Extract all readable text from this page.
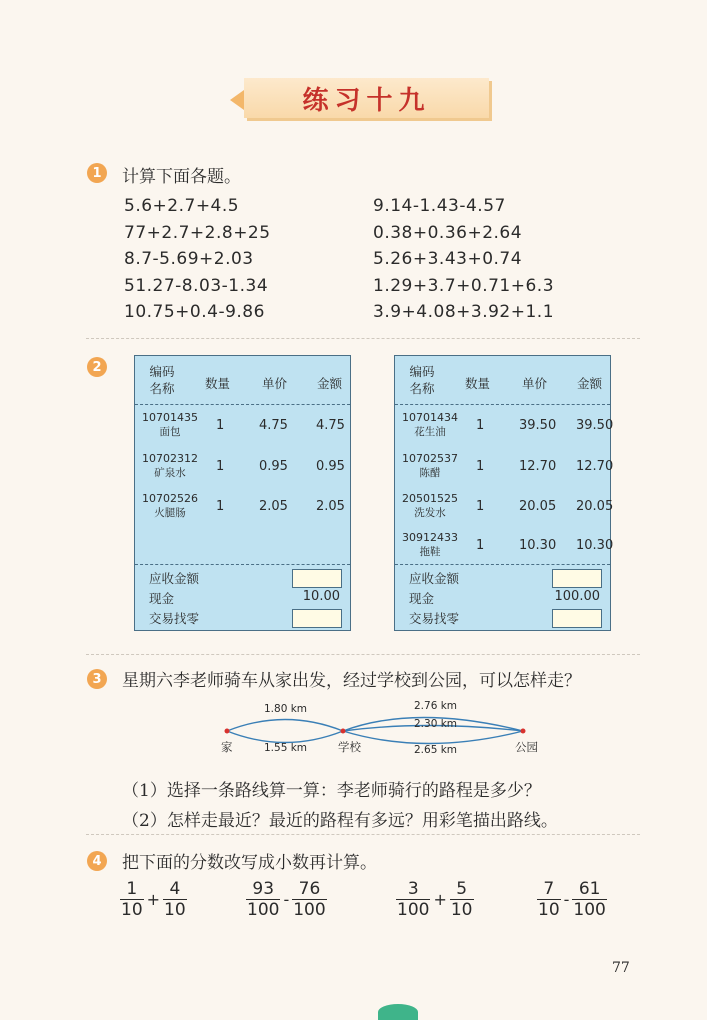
练习十九
1	计算下面各题。
5.6+2.7+4.5
77+2.7+2.8+25
8.7-5.69+2.03
51.27-8.03-1.34
10.75+0.4-9.86
9.14-1.43-4.57
0.38+0.36+2.64
5.26+3.43+0.74
1.29+3.7+0.71+6.3
3.9+4.08+3.92+1.1
2	编码
名称 数量	单价 金额
10701435
面包	1	4.75 4.75
10702312
矿泉水	1	0.95 0.95
10702526
火腿肠	1	2.05 2.05
应收金额
现金	10.00
交易找零
编码
名称 数量	单价 金额
10701434
花生油	1	39.50 39.50
10702537
陈醋	1	12.70 12.70
20501525
洗发水	1	20.05 20.05
30912433
拖鞋	1	10.30 10.30
应收金额
现金	100.00
交易找零
3	星期六李老师骑车从家出发，经过学校到公园，可以怎样走？
1.80 km
1.55 km
2.76 km
2.30 km
2.65 km
家	学校	公园
（1）选择一条路线算一算：李老师骑行的路程是多少？
（2）怎样走最近？最近的路程有多远？用彩笔描出路线。
4	把下面的分数改写成小数再计算。
$\frac{1}{10} + \frac{4}{10}$	$\frac{93}{100} - \frac{76}{100}$	$\frac{3}{100} + \frac{5}{10}$	$\frac{7}{10} - \frac{61}{100}$
77
